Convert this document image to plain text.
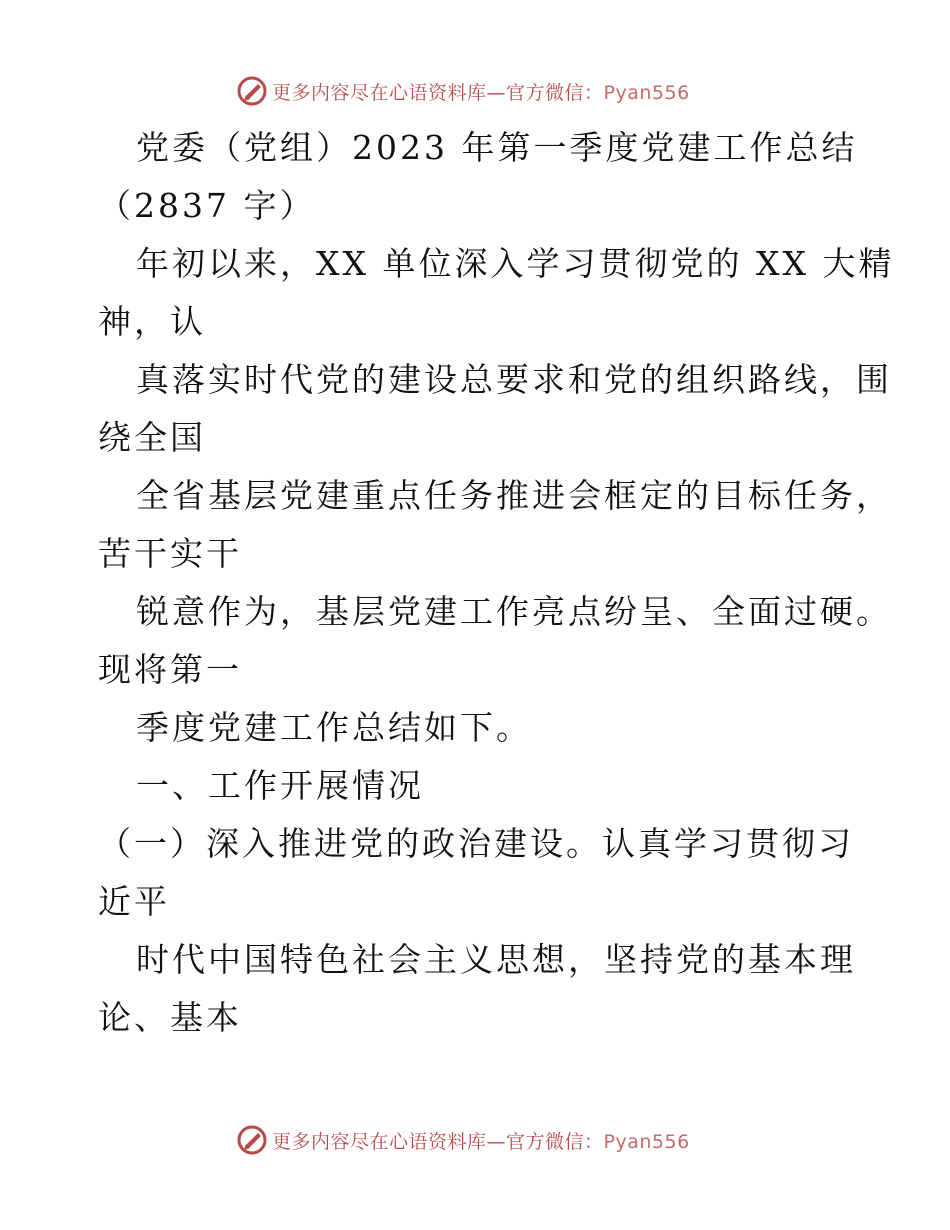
更多内容尽在心语资料库—官方微信：Pyan556
党委（党组）2023 年第一季度党建工作总结
（2837 字）
年初以来，XX 单位深入学习贯彻党的 XX 大精
神，认
真落实时代党的建设总要求和党的组织路线，围
绕全国
全省基层党建重点任务推进会框定的目标任务，
苦干实干
锐意作为，基层党建工作亮点纷呈、全面过硬。
现将第一
季度党建工作总结如下。
一、工作开展情况
（一）深入推进党的政治建设。认真学习贯彻习
近平
时代中国特色社会主义思想，坚持党的基本理
论、基本
更多内容尽在心语资料库—官方微信：Pyan556
